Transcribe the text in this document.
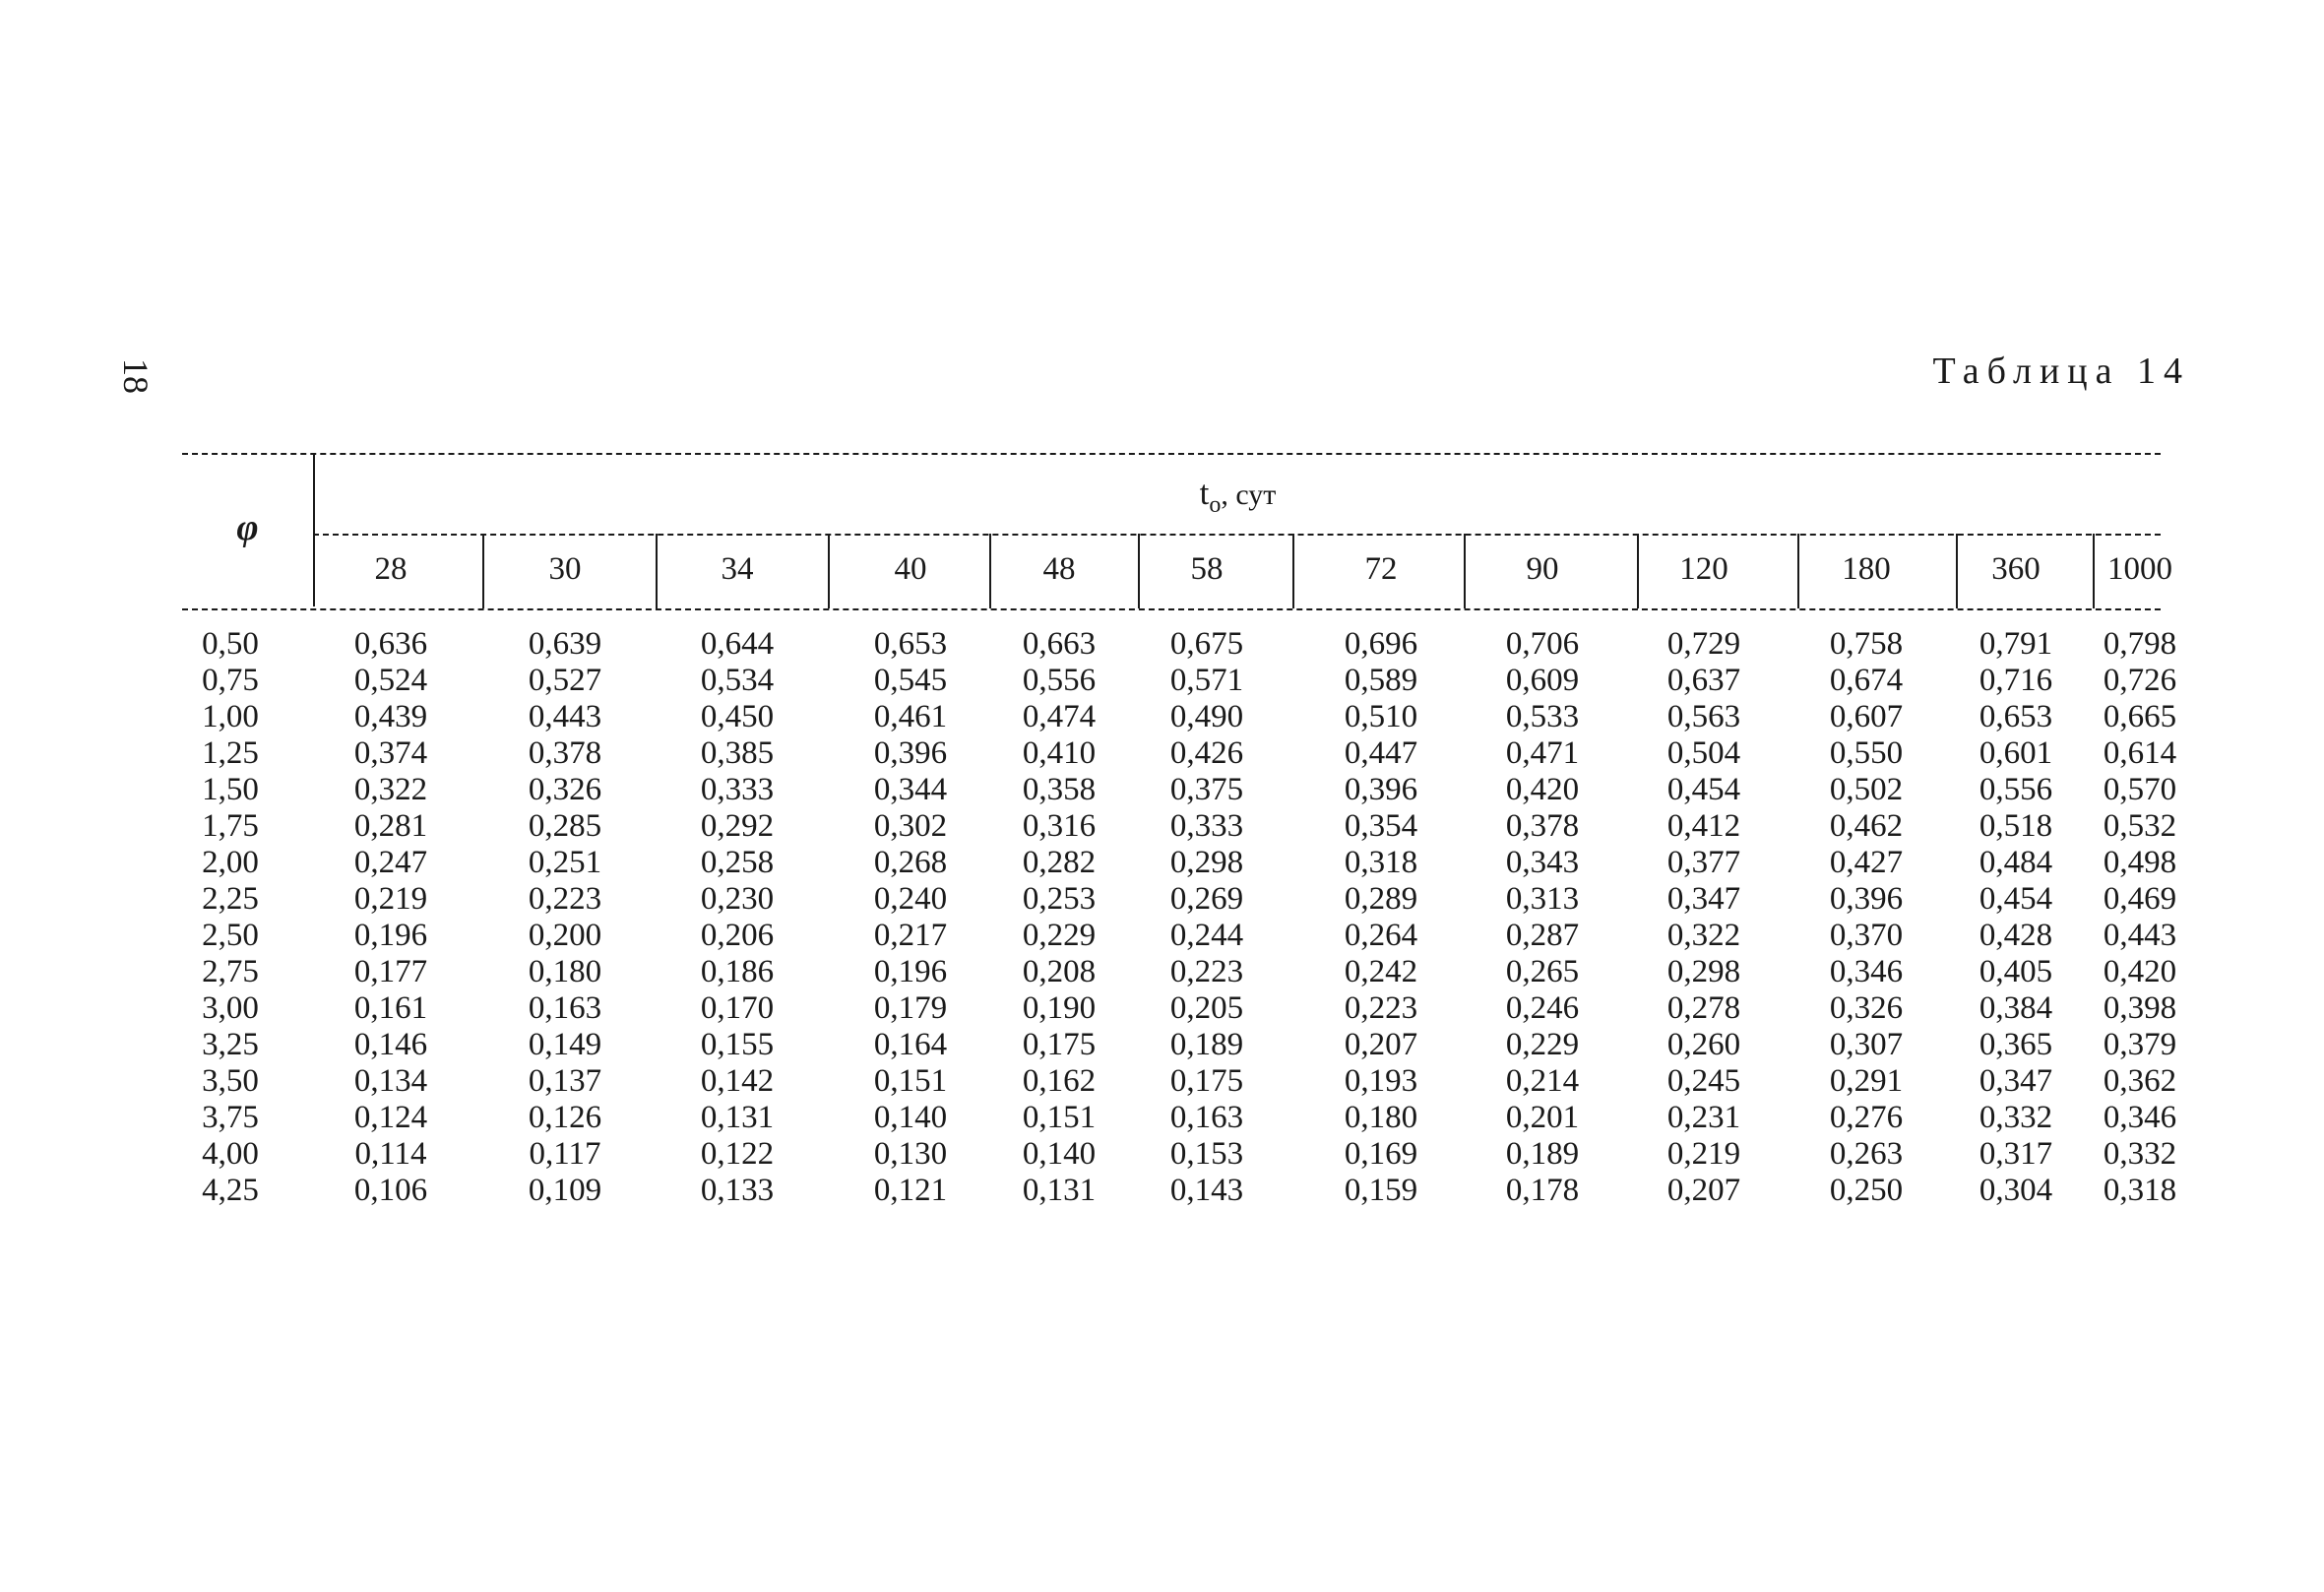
18	Таблица 14
φ
$t_o$, сут
28	30	34	40	48	58	72	90	120	180	360	1000
0,50	0,636	0,639	0,644	0,653	0,663	0,675	0,696	0,706	0,729	0,758	0,791	0,798
0,75	0,524	0,527	0,534	0,545	0,556	0,571	0,589	0,609	0,637	0,674	0,716	0,726
1,00	0,439	0,443	0,450	0,461	0,474	0,490	0,510	0,533	0,563	0,607	0,653	0,665
1,25	0,374	0,378	0,385	0,396	0,410	0,426	0,447	0,471	0,504	0,550	0,601	0,614
1,50	0,322	0,326	0,333	0,344	0,358	0,375	0,396	0,420	0,454	0,502	0,556	0,570
1,75	0,281	0,285	0,292	0,302	0,316	0,333	0,354	0,378	0,412	0,462	0,518	0,532
2,00	0,247	0,251	0,258	0,268	0,282	0,298	0,318	0,343	0,377	0,427	0,484	0,498
2,25	0,219	0,223	0,230	0,240	0,253	0,269	0,289	0,313	0,347	0,396	0,454	0,469
2,50	0,196	0,200	0,206	0,217	0,229	0,244	0,264	0,287	0,322	0,370	0,428	0,443
2,75	0,177	0,180	0,186	0,196	0,208	0,223	0,242	0,265	0,298	0,346	0,405	0,420
3,00	0,161	0,163	0,170	0,179	0,190	0,205	0,223	0,246	0,278	0,326	0,384	0,398
3,25	0,146	0,149	0,155	0,164	0,175	0,189	0,207	0,229	0,260	0,307	0,365	0,379
3,50	0,134	0,137	0,142	0,151	0,162	0,175	0,193	0,214	0,245	0,291	0,347	0,362
3,75	0,124	0,126	0,131	0,140	0,151	0,163	0,180	0,201	0,231	0,276	0,332	0,346
4,00	0,114	0,117	0,122	0,130	0,140	0,153	0,169	0,189	0,219	0,263	0,317	0,332
4,25	0,106	0,109	0,133	0,121	0,131	0,143	0,159	0,178	0,207	0,250	0,304	0,318
